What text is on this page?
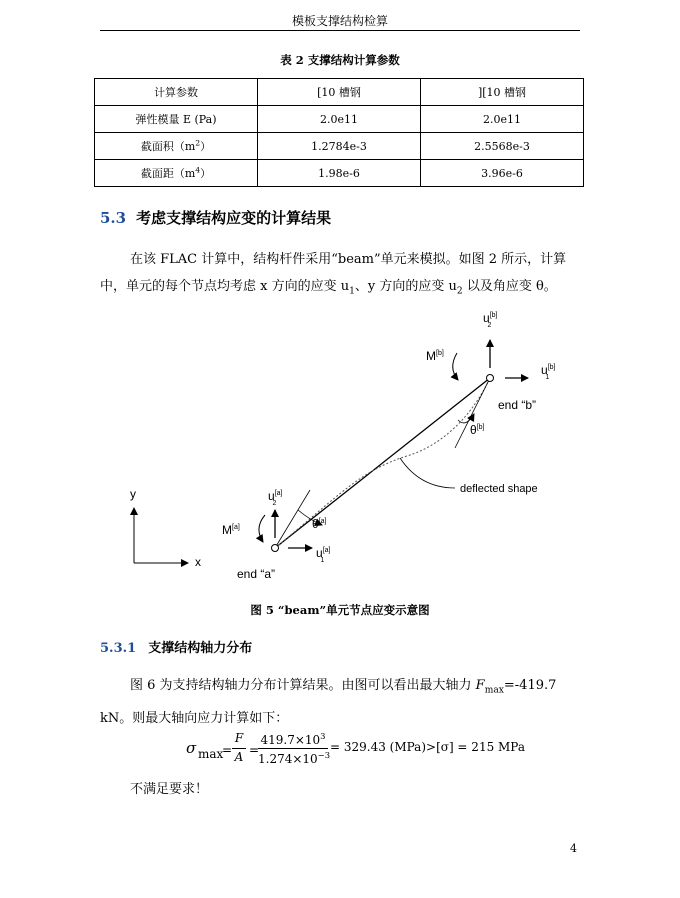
模板支撑结构检算
表 2 支撑结构计算参数
计算参数	[10 槽钢	][10 槽钢
弹性模量 E (Pa)	2.0e11	2.0e11
截面积$(m^2)$	1.2784e-3	2.5568e-3
截面距$(m^4)$	1.98e-6	3.96e-6
5.3 考虑支撑结构应变的计算结果
在该 FLAC 计算中，结构杆件采用“beam”单元来模拟。如图 2 所示，计算中，单元的每个节点均考虑 x 方向的应变 $u_1$、y 方向的应变 $u_2$ 以及角应变 θ。
u[b] 2
u[b] 1
M[b]
end “b”
θ[b]
deflected shape
u[a] 2
M[a]	θ[a]
u[a] 1
end “a”
y
x
图 5 “beam”单元节点应变示意图
5.3.1 支撑结构轴力分布
图 6 为支持结构轴力分布计算结果。由图可以看出最大轴力 $F_{max}=-419.7$ kN。则最大轴向应力计算如下：
σ max
=
F
A =
$419.7\times 10^3$
$1.274\times 10^{-3}$
= 329.43 (MPa)>[σ] = 215 MPa
不满足要求！
4
